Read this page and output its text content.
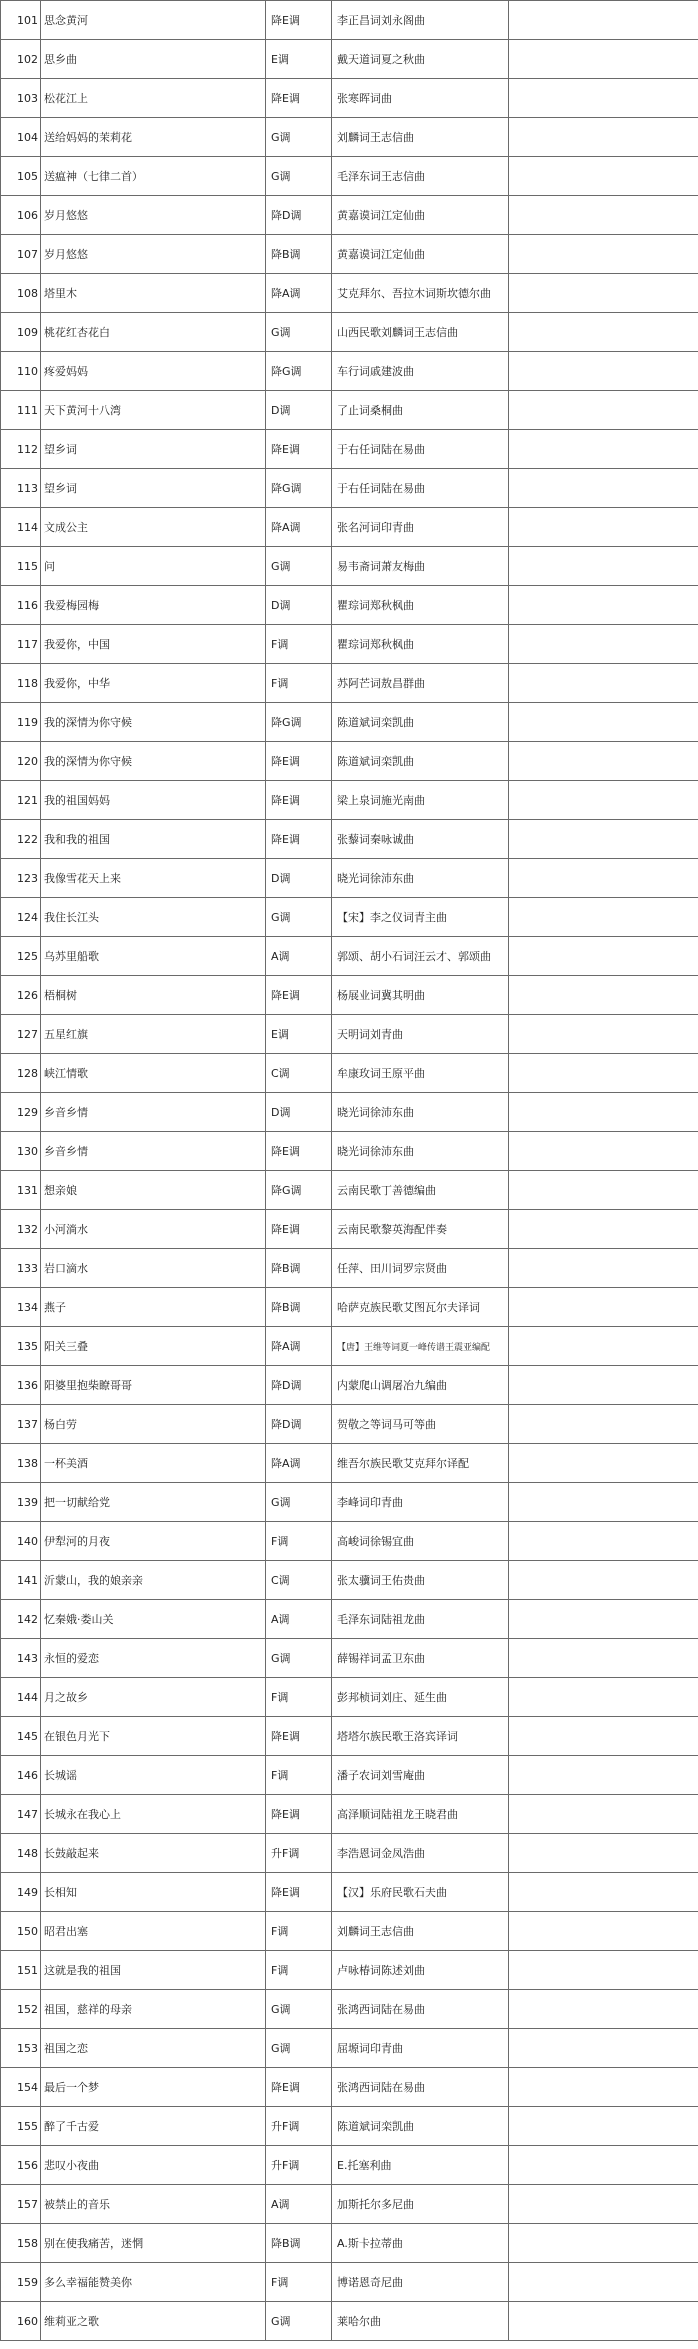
101	思念黄河	降E调	李正昌词刘永阁曲	
102	思乡曲	E调	戴天道词夏之秋曲	
103	松花江上	降E调	张寒晖词曲	
104	送给妈妈的茉莉花	G调	刘麟词王志信曲	
105	送瘟神（七律二首）	G调	毛泽东词王志信曲	
106	岁月悠悠	降D调	黄嘉谟词江定仙曲	
107	岁月悠悠	降B调	黄嘉谟词江定仙曲	
108	塔里木	降A调	艾克拜尔、吾拉木词斯坎德尔曲	
109	桃花红杏花白	G调	山西民歌刘麟词王志信曲	
110	疼爱妈妈	降G调	车行词戚建波曲	
111	天下黄河十八湾	D调	了止词桑桐曲	
112	望乡词	降E调	于右任词陆在易曲	
113	望乡词	降G调	于右任词陆在易曲	
114	文成公主	降A调	张名河词印青曲	
115	问	G调	易韦斋词萧友梅曲	
116	我爱梅园梅	D调	瞿琮词郑秋枫曲	
117	我爱你，中国	F调	瞿琮词郑秋枫曲	
118	我爱你，中华	F调	苏阿芒词敖昌群曲	
119	我的深情为你守候	降G调	陈道斌词栾凯曲	
120	我的深情为你守候	降E调	陈道斌词栾凯曲	
121	我的祖国妈妈	降E调	梁上泉词施光南曲	
122	我和我的祖国	降E调	张藜词秦咏诚曲	
123	我像雪花天上来	D调	晓光词徐沛东曲	
124	我住长江头	G调	【宋】李之仪词青主曲	
125	乌苏里船歌	A调	郭颂、胡小石词汪云才、郭颂曲	
126	梧桐树	降E调	杨展业词冀其明曲	
127	五星红旗	E调	天明词刘青曲	
128	峡江情歌	C调	牟康玫词王原平曲	
129	乡音乡情	D调	晓光词徐沛东曲	
130	乡音乡情	降E调	晓光词徐沛东曲	
131	想亲娘	降G调	云南民歌丁善德编曲	
132	小河淌水	降E调	云南民歌黎英海配伴奏	
133	岩口滴水	降B调	任萍、田川词罗宗贤曲	
134	燕子	降B调	哈萨克族民歌艾图瓦尔夫译词	
135	阳关三叠	降A调	【唐】王维等词夏一峰传谱王震亚编配	
136	阳婆里抱柴瞭哥哥	降D调	内蒙爬山调屠冶九编曲	
137	杨白劳	降D调	贺敬之等词马可等曲	
138	一杯美酒	降A调	维吾尔族民歌艾克拜尔译配	
139	把一切献给党	G调	李峰词印青曲	
140	伊犁河的月夜	F调	高峻词徐锡宜曲	
141	沂蒙山，我的娘亲亲	C调	张太骥词王佑贵曲	
142	忆秦娥·娄山关	A调	毛泽东词陆祖龙曲	
143	永恒的爱恋	G调	薛锡祥词孟卫东曲	
144	月之故乡	F调	彭邦桢词刘庄、延生曲	
145	在银色月光下	降E调	塔塔尔族民歌王洛宾译词	
146	长城谣	F调	潘子农词刘雪庵曲	
147	长城永在我心上	降E调	高泽顺词陆祖龙王晓君曲	
148	长鼓敲起来	升F调	李浩恩词金凤浩曲	
149	长相知	降E调	【汉】乐府民歌石夫曲	
150	昭君出塞	F调	刘麟词王志信曲	
151	这就是我的祖国	F调	卢咏椿词陈述刘曲	
152	祖国，慈祥的母亲	G调	张鸿西词陆在易曲	
153	祖国之恋	G调	屈塬词印青曲	
154	最后一个梦	降E调	张鸿西词陆在易曲	
155	醉了千古爱	升F调	陈道斌词栾凯曲	
156	悲叹小夜曲	升F调	E.托塞利曲	
157	被禁止的音乐	A调	加斯托尔多尼曲	
158	别在使我痛苦，迷惘	降B调	A.斯卡拉蒂曲	
159	多么幸福能赞美你	F调	博诺恩奇尼曲	
160	维莉亚之歌	G调	莱哈尔曲	
